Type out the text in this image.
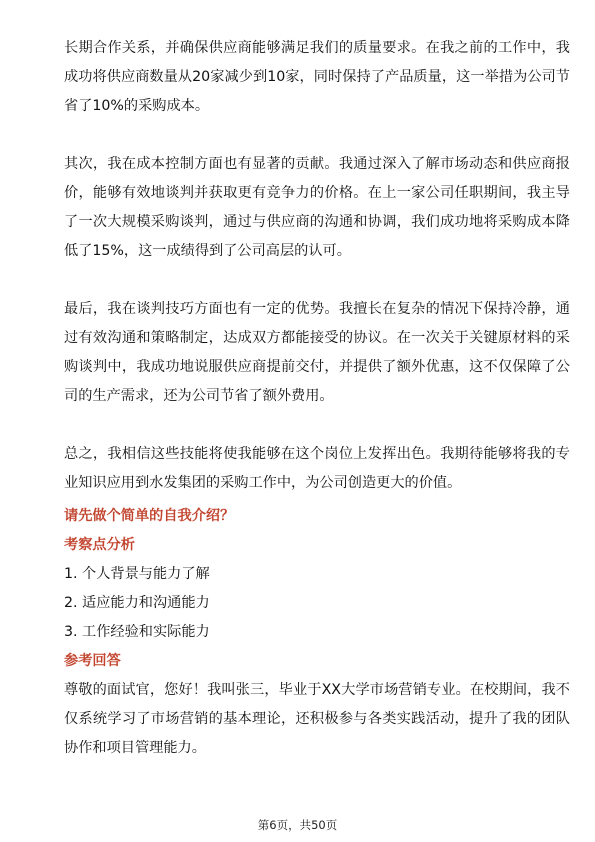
长期合作关系，并确保供应商能够满足我们的质量要求。在我之前的工作中，我成功将供应商数量从20家减少到10家，同时保持了产品质量，这一举措为公司节省了10%的采购成本。

其次，我在成本控制方面也有显著的贡献。我通过深入了解市场动态和供应商报价，能够有效地谈判并获取更有竞争力的价格。在上一家公司任职期间，我主导了一次大规模采购谈判，通过与供应商的沟通和协调，我们成功地将采购成本降低了15%，这一成绩得到了公司高层的认可。

最后，我在谈判技巧方面也有一定的优势。我擅长在复杂的情况下保持冷静，通过有效沟通和策略制定，达成双方都能接受的协议。在一次关于关键原材料的采购谈判中，我成功地说服供应商提前交付，并提供了额外优惠，这不仅保障了公司的生产需求，还为公司节省了额外费用。

总之，我相信这些技能将使我能够在这个岗位上发挥出色。我期待能够将我的专业知识应用到水发集团的采购工作中，为公司创造更大的价值。

请先做个简单的自我介绍？

考察点分析

1. 个人背景与能力了解

2. 适应能力和沟通能力

3. 工作经验和实际能力

参考回答

尊敬的面试官，您好！我叫张三，毕业于XX大学市场营销专业。在校期间，我不仅系统学习了市场营销的基本理论，还积极参与各类实践活动，提升了我的团队协作和项目管理能力。

第6页，共50页
